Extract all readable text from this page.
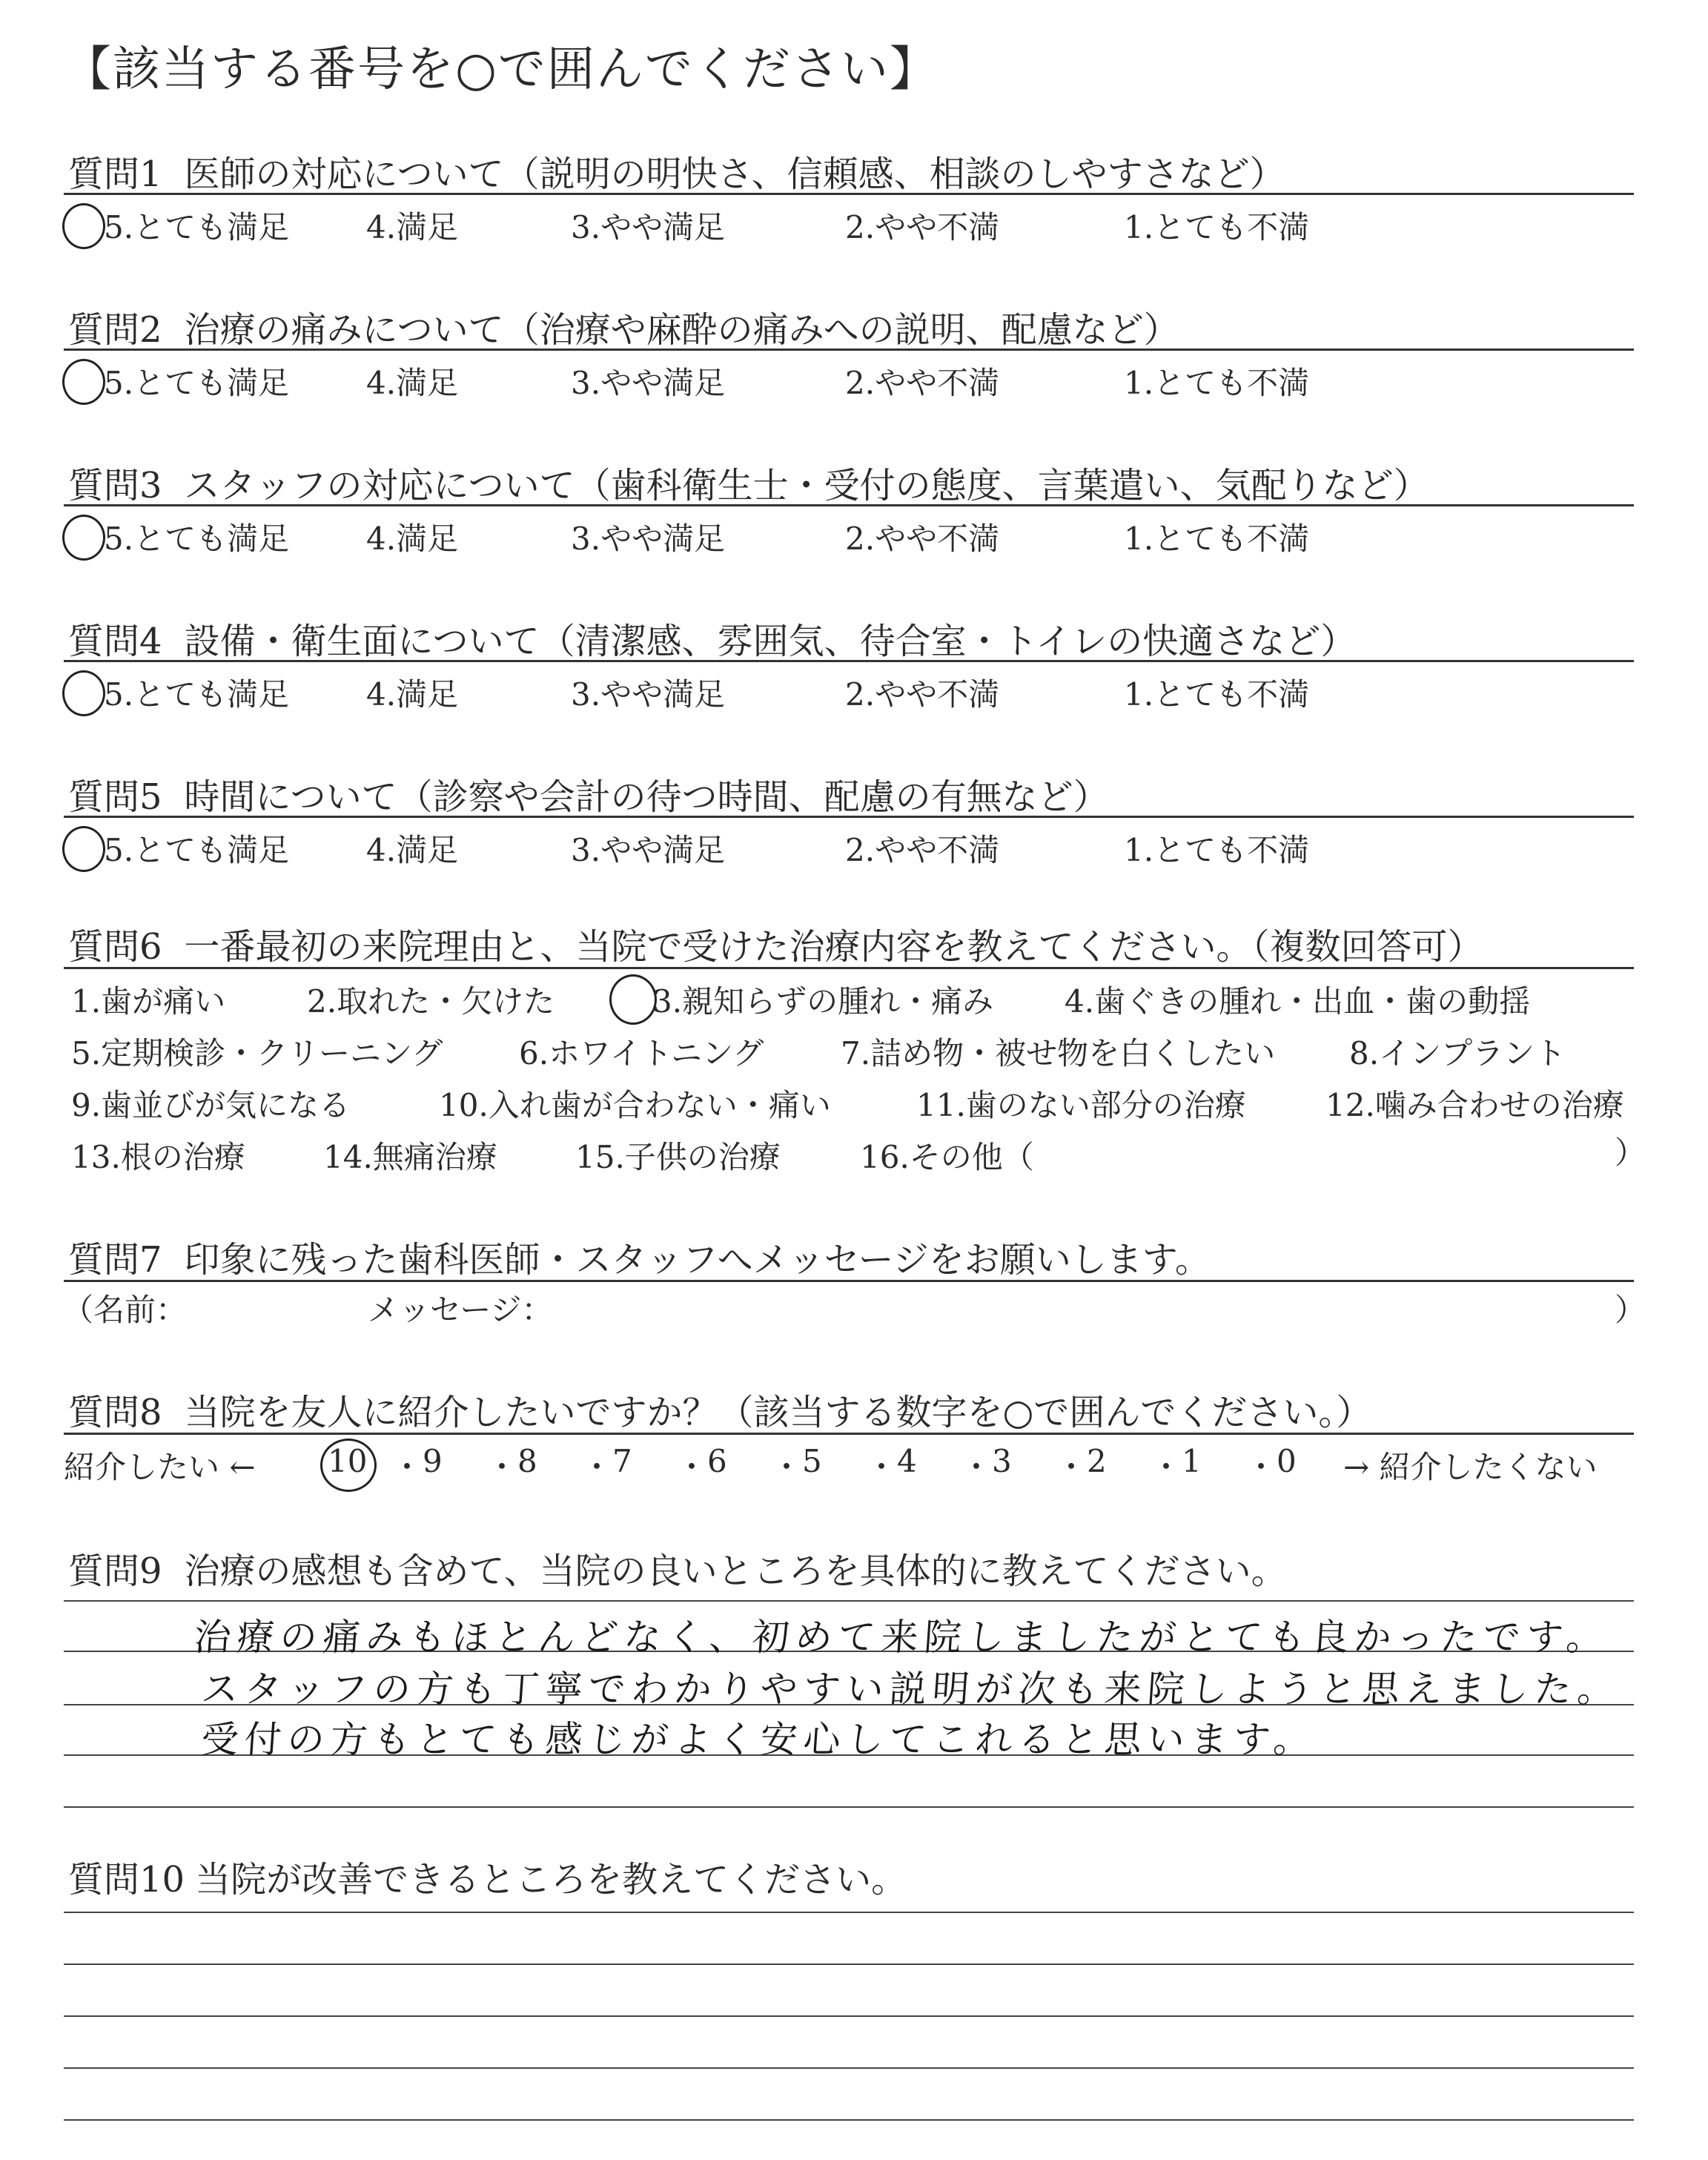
【該当する番号を○で囲んでください】
質問1 医師の対応について（説明の明快さ、信頼感、相談のしやすさなど）
5.とても満足 4.満足	3.やや満足	2.やや不満	1.とても不満
質問2 治療の痛みについて（治療や麻酔の痛みへの説明、配慮など）
5.とても満足 4.満足	3.やや満足	2.やや不満	1.とても不満
質問3 スタッフの対応について（歯科衛生士・受付の態度、言葉遣い、気配りなど）
5.とても満足 4.満足	3.やや満足	2.やや不満	1.とても不満
質問4 設備・衛生面について（清潔感、雰囲気、待合室・トイレの快適さなど）
5.とても満足 4.満足	3.やや満足	2.やや不満	1.とても不満
質問5 時間について（診察や会計の待つ時間、配慮の有無など）
5.とても満足 4.満足	3.やや満足	2.やや不満	1.とても不満
質問6 一番最初の来院理由と、当院で受けた治療内容を教えてください。（複数回答可）
1.歯が痛い	2.取れた・欠けた	3.親知らずの腫れ・痛み 4.歯ぐきの腫れ・出血・歯の動揺
5.定期検診・クリーニング 6.ホワイトニング 7.詰め物・被せ物を白くしたい 8.インプラント
9.歯並びが気になる	10.入れ歯が合わない・痛い	11.歯のない部分の治療	12.噛み合わせの治療
13.根の治療	14.無痛治療	15.子供の治療	16.その他（	）
質問7 印象に残った歯科医師・スタッフへメッセージをお願いします。
（名前：	メッセージ：	）
質問8 当院を友人に紹介したいですか？（該当する数字を○で囲んでください。）
紹介したい ← 10 ・ 9 ・ 8 ・ 7 ・ 6 ・ 5 ・ 4 ・ 3 ・ 2 ・ 1 ・ 0 → 紹介したくない
質問9 治療の感想も含めて、当院の良いところを具体的に教えてください。
治療の痛みもほとんどなく、初めて来院しましたがとても良かったです。
スタッフの方も丁寧でわかりやすい説明が次も来院しようと思えました。
受付の方もとても感じがよく安心してこれると思います。
質問10 当院が改善できるところを教えてください。
